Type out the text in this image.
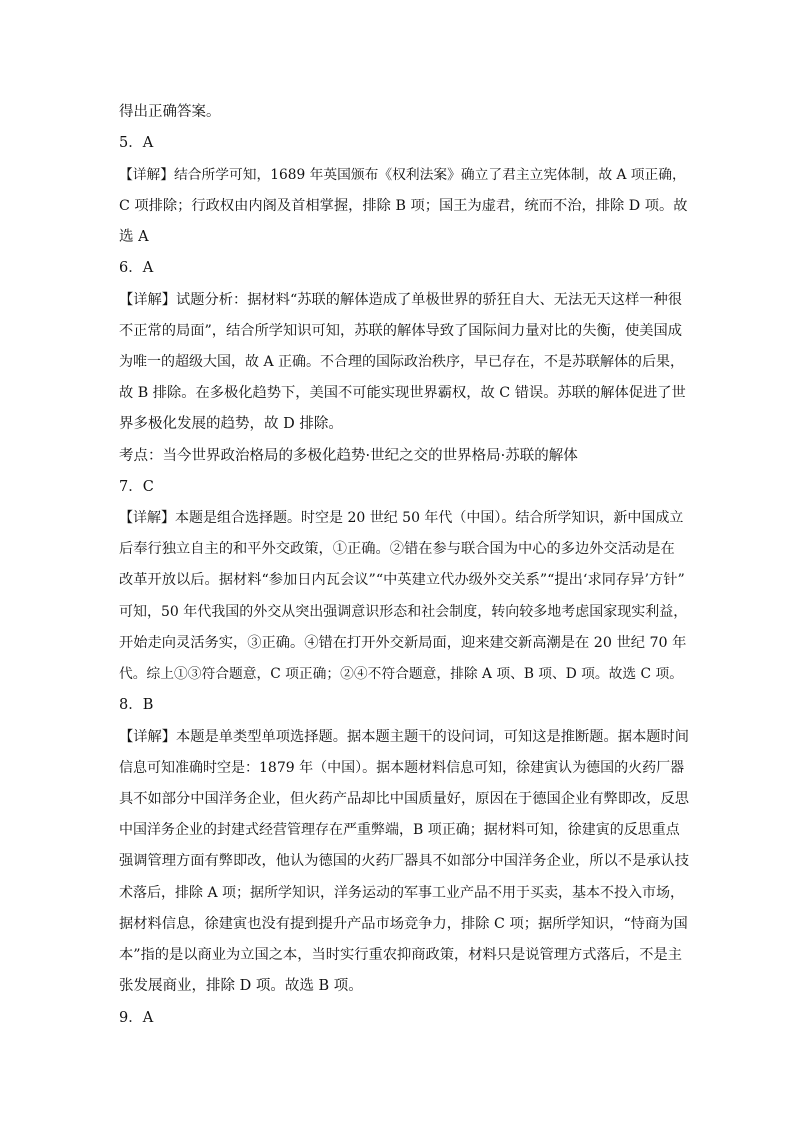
得出正确答案。
5．A
【详解】结合所学可知，1689 年英国颁布《权利法案》确立了君主立宪体制，故 A 项正确，
C 项排除；行政权由内阁及首相掌握，排除 B 项；国王为虚君，统而不治，排除 D 项。故
选 A
6．A
【详解】试题分析：据材料“苏联的解体造成了单极世界的骄狂自大、无法无天这样一种很
不正常的局面”，结合所学知识可知，苏联的解体导致了国际间力量对比的失衡，使美国成
为唯一的超级大国，故 A 正确。不合理的国际政治秩序，早已存在，不是苏联解体的后果，
故 B 排除。在多极化趋势下，美国不可能实现世界霸权，故 C 错误。苏联的解体促进了世
界多极化发展的趋势，故 D 排除。
考点：当今世界政治格局的多极化趋势·世纪之交的世界格局·苏联的解体
7．C
【详解】本题是组合选择题。时空是 20 世纪 50 年代（中国）。结合所学知识，新中国成立
后奉行独立自主的和平外交政策，①正确。②错在参与联合国为中心的多边外交活动是在
改革开放以后。据材料“参加日内瓦会议”“中英建立代办级外交关系”“提出‘求同存异’方针”
可知，50 年代我国的外交从突出强调意识形态和社会制度，转向较多地考虑国家现实利益，
开始走向灵活务实，③正确。④错在打开外交新局面，迎来建交新高潮是在 20 世纪 70 年
代。综上①③符合题意，C 项正确；②④不符合题意，排除 A 项、B 项、D 项。故选 C 项。
8．B
【详解】本题是单类型单项选择题。据本题主题干的设问词，可知这是推断题。据本题时间
信息可知准确时空是：1879 年（中国）。据本题材料信息可知，徐建寅认为德国的火药厂器
具不如部分中国洋务企业，但火药产品却比中国质量好，原因在于德国企业有弊即改，反思
中国洋务企业的封建式经营管理存在严重弊端，B 项正确；据材料可知，徐建寅的反思重点
强调管理方面有弊即改，他认为德国的火药厂器具不如部分中国洋务企业，所以不是承认技
术落后，排除 A 项；据所学知识，洋务运动的军事工业产品不用于买卖，基本不投入市场，
据材料信息，徐建寅也没有提到提升产品市场竞争力，排除 C 项；据所学知识，“恃商为国
本”指的是以商业为立国之本，当时实行重农抑商政策，材料只是说管理方式落后，不是主
张发展商业，排除 D 项。故选 B 项。
9．A
